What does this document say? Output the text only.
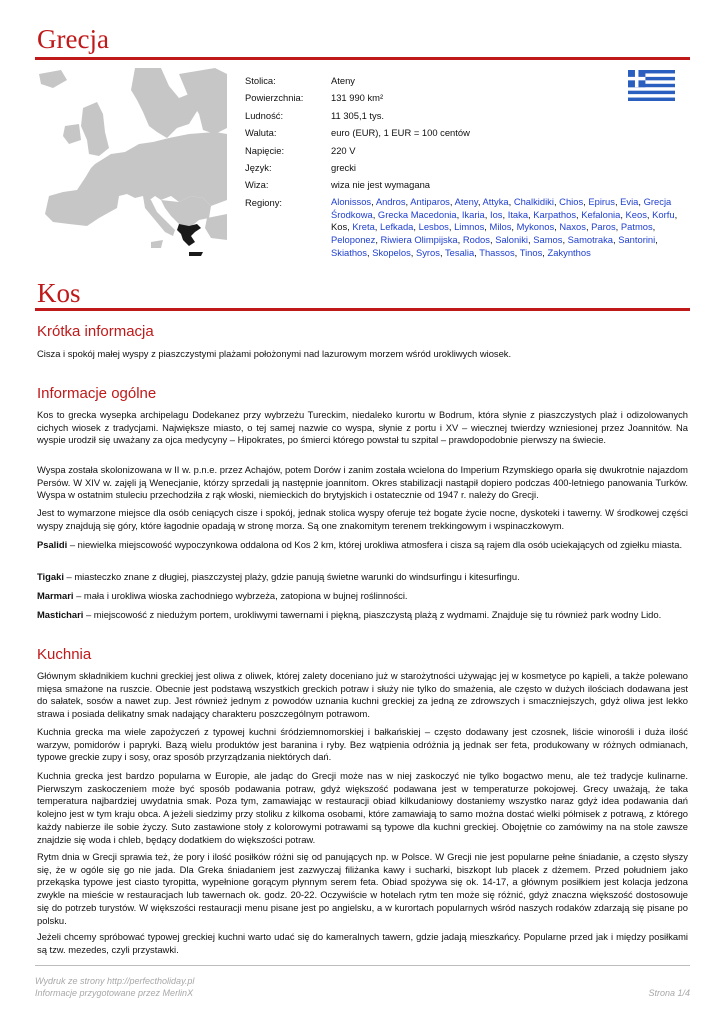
Grecja
Stolica:	Ateny
Powierzchnia:	131 990 km²
Ludność:	11 305,1 tys.
Waluta:	euro (EUR), 1 EUR = 100 centów
Napięcie:	220 V
Język:	grecki
Wiza:	wiza nie jest wymagana
Regiony:	Alonissos, Andros, Antiparos, Ateny, Attyka, Chalkidiki, Chios, Epirus, Evia, Grecja Środkowa, Grecka Macedonia, Ikaria, Ios, Itaka, Karpathos, Kefalonia, Keos, Korfu, Kos, Kreta, Lefkada, Lesbos, Limnos, Milos, Mykonos, Naxos, Paros, Patmos, Peloponez, Riwiera Olimpijska, Rodos, Saloniki, Samos, Samotraka, Santorini, Skiathos, Skopelos, Syros, Tesalia, Thassos, Tinos, Zakynthos
Kos
Krótka informacja

Cisza i spokój małej wyspy z piaszczystymi plażami położonymi nad lazurowym morzem wśród urokliwych wiosek.

Informacje ogólne

Kos to grecka wysepka archipelagu Dodekanez przy wybrzeżu Tureckim, niedaleko kurortu w Bodrum, która słynie z piaszczystych plaż i odizolowanych cichych wiosek z tradycjami. Największe miasto, o tej samej nazwie co wyspa, słynie z portu i XV – wiecznej twierdzy wzniesionej przez Joannitów. Na wyspie urodził się uważany za ojca medycyny – Hipokrates, po śmierci którego powstał tu szpital – prawdopodobnie pierwszy na świecie.

Wyspa została skolonizowana w II w. p.n.e. przez Achajów, potem Dorów i zanim została wcielona do Imperium Rzymskiego oparła się dwukrotnie najazdom Persów. W XIV w. zajęli ją Wenecjanie, którzy sprzedali ją następnie joannitom. Okres stabilizacji nastąpił dopiero podczas 400-letniego panowania Turków. Wyspa w ostatnim stuleciu przechodziła z rąk włoski, niemieckich do brytyjskich i ostatecznie od 1947 r. należy do Grecji.

Jest to wymarzone miejsce dla osób ceniących cisze i spokój, jednak stolica wyspy oferuje też bogate życie nocne, dyskoteki i tawerny. W środkowej części wyspy znajdują się góry, które łagodnie opadają w stronę morza. Są one znakomitym terenem trekkingowym i wspinaczkowym.

Psalidi – niewielka miejscowość wypoczynkowa oddalona od Kos 2 km, której urokliwa atmosfera i cisza są rajem dla osób uciekających od zgiełku miasta.

Tigaki – miasteczko znane z długiej, piaszczystej plaży, gdzie panują świetne warunki do windsurfingu i kitesurfingu.

Marmari – mała i urokliwa wioska zachodniego wybrzeża, zatopiona w bujnej roślinności.

Mastichari – miejscowość z niedużym portem, urokliwymi tawernami i piękną, piaszczystą plażą z wydmami. Znajduje się tu również park wodny Lido.

Kuchnia

Głównym składnikiem kuchni greckiej jest oliwa z oliwek, której zalety doceniano już w starożytności używając jej w kosmetyce po kąpieli, a także polewano mięsa smażone na ruszcie. Obecnie jest podstawą wszystkich greckich potraw i służy nie tylko do smażenia, ale często w dużych ilościach dodawana jest do sałatek, sosów a nawet zup. Jest również jednym z powodów uznania kuchni greckiej za jedną ze zdrowszych i smaczniejszych, gdyż oliwa jest lekko strawa i posiada delikatny smak nadający charakteru poszczególnym potrawom.

Kuchnia grecka ma wiele zapożyczeń z typowej kuchni śródziemnomorskiej i bałkańskiej – często dodawany jest czosnek, liście winorośli i duża ilość warzyw, pomidorów i papryki. Bazą wielu produktów jest baranina i ryby. Bez wątpienia odróżnia ją jednak ser feta, produkowany w różnych odmianach, typowe greckie zupy i sosy, oraz sposób przyrządzania niektórych dań.

Kuchnia grecka jest bardzo popularna w Europie, ale jadąc do Grecji może nas w niej zaskoczyć nie tylko bogactwo menu, ale też tradycje kulinarne. Pierwszym zaskoczeniem może być sposób podawania potraw, gdyż większość podawana jest w temperaturze pokojowej. Grecy uważają, że taka temperatura najbardziej uwydatnia smak. Poza tym, zamawiając w restauracji obiad kilkudaniowy dostaniemy wszystko naraz gdyż idea podawania dań kolejno jest w tym kraju obca. A jeżeli siedzimy przy stoliku z kilkoma osobami, które zamawiają to samo można dostać wielki półmisek z potrawą, z którego każdy nabierze ile sobie życzy. Suto zastawione stoły z kolorowymi potrawami są typowe dla kuchni greckiej. Obojętnie co zamówimy na na stole zawsze znajdzie się woda i chleb, będący dodatkiem do większości potraw.

Rytm dnia w Grecji sprawia też, że pory i ilość posiłków różni się od panujących np. w Polsce. W Grecji nie jest popularne pełne śniadanie, a często słyszy się, że w ogóle się go nie jada. Dla Greka śniadaniem jest zazwyczaj filiżanka kawy i sucharki, biszkopt lub placek z dżemem. Przed południem jako przekąska typowe jest ciasto tyropitta, wypełnione gorącym płynnym serem feta. Obiad spożywa się ok. 14-17, a głównym posiłkiem jest kolacja jedzona zwykle na mieście w restauracjach lub tawernach ok. godz. 20-22. Oczywiście w hotelach rytm ten może się różnić, gdyż znaczna większość dostosowuje się do potrzeb turystów. W większości restauracji menu pisane jest po angielsku, a w kurortach popularnych wśród naszych rodaków zdarzają się pisane po polsku.

Jeżeli chcemy spróbować typowej greckiej kuchni warto udać się do kameralnych tawern, gdzie jadają mieszkańcy. Popularne przed jak i między posiłkami są tzw. mezedes, czyli przystawki.

Wydruk ze strony http://perfectholiday.pl
Informacje przygotowane przez MerlinX	Strona 1/4
